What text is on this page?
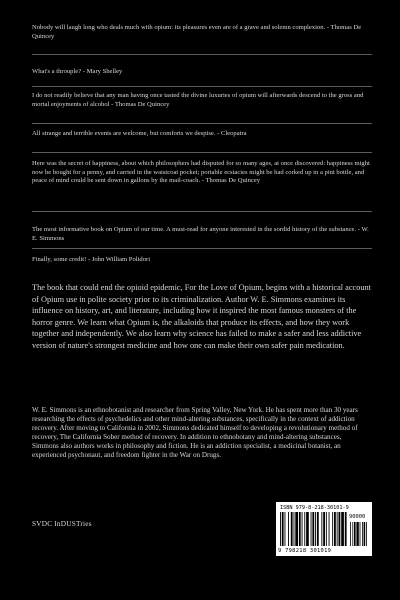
Nobody will laugh long who deals much with opium: its pleasures even are of a grave and solemn complexion. - Thomas De Quincey

What's a throuple? - Mary Shelley

I do not readily believe that any man having once tasted the divine luxuries of opium will afterwards descend to the gross and mortal enjoyments of alcohol - Thomas De Quincey

All strange and terrible events are welcome, but comforts we despise. - Cleopatra

Here was the secret of happiness, about which philosophers had disputed for so many ages, at once discovered: happiness might now be bought for a penny, and carried in the waistcoat pocket; portable ecstacies might be had corked up in a pint bottle, and peace of mind could be sent down in gallons by the mail-coach. - Thomas De Quincey

The most informative book on Opium of our time. A must-read for anyone interested in the sordid history of the substance. - W. E. Simmons

Finally, some credit! - John William Polidori

The book that could end the opioid epidemic, For the Love of Opium, begins with a historical account of Opium use in polite society prior to its criminalization. Author W. E. Simmons examines its influence on history, art, and literature, including how it inspired the most famous monsters of the horror genre. We learn what Opium is, the alkaloids that produce its effects, and how they work together and independently. We also learn why science has failed to make a safer and less addictive version of nature's strongest medicine and how one can make their own safer pain medication.

W. E. Simmons is an ethnobotanist and researcher from Spring Valley, New York. He has spent more than 30 years researching the effects of psychedelics and other mind-altering substances, specifically in the context of addiction recovery. After moving to California in 2002, Simmons dedicated himself to developing a revolutionary method of recovery, The California Sober method of recovery. In addition to ethnobotany and mind-altering substances, Simmons also authors works in philosophy and fiction. He is an addiction specialist, a medicinal botanist, an experienced psychonaut, and freedom fighter in the War on Drugs.

SVDC InDUSTries

ISBN 979-8-218-30101-9
90000
9 798218 301019
